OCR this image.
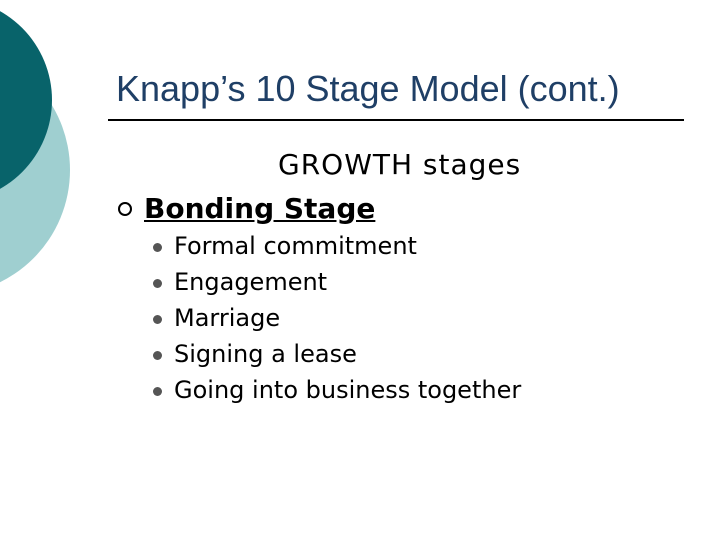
Knapp’s 10 Stage Model (cont.)
GROWTH stages
Bonding Stage
Formal commitment
Engagement
Marriage
Signing a lease
Going into business together
